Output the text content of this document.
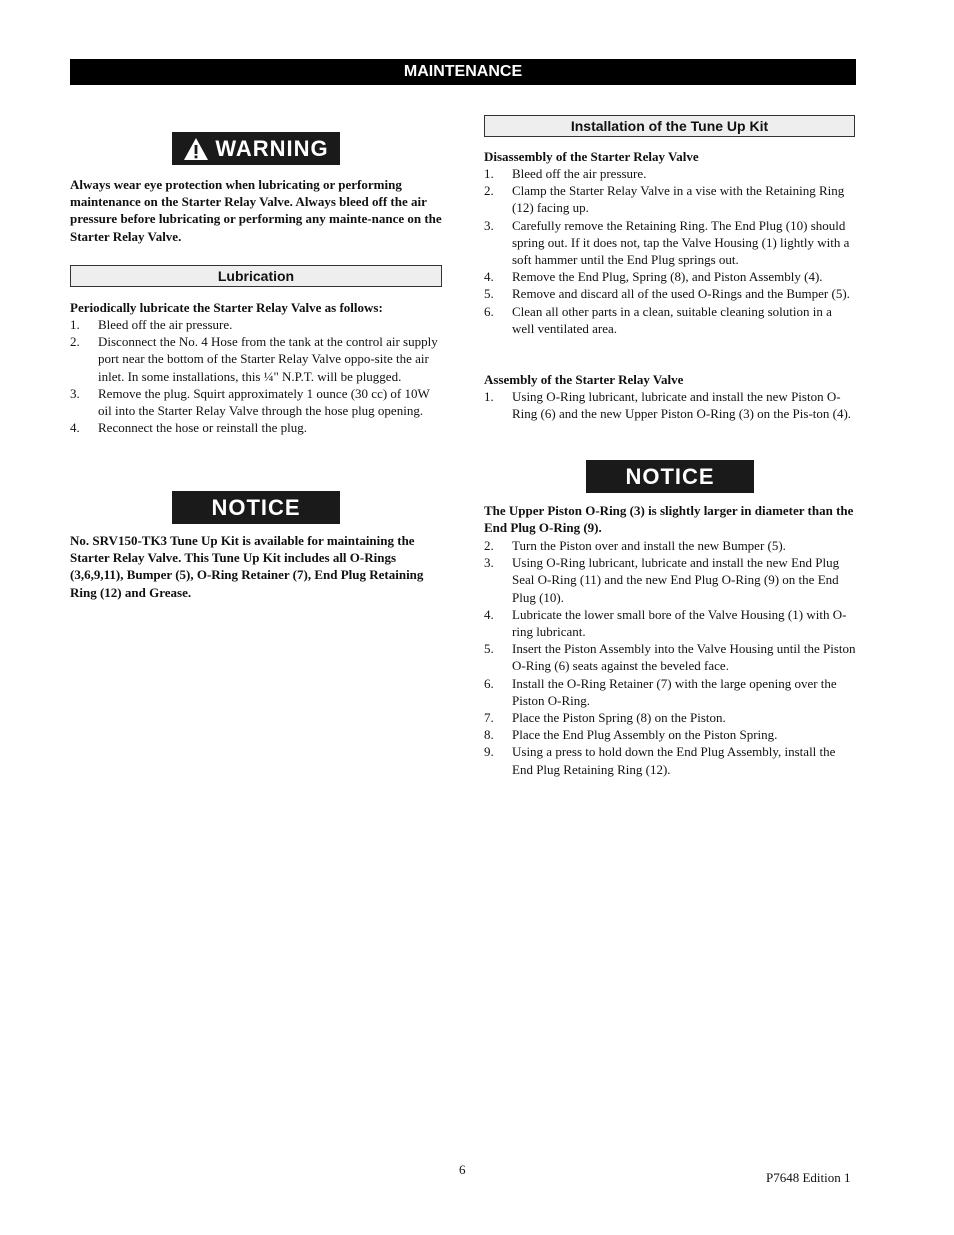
MAINTENANCE
WARNING

Always wear eye protection when lubricating or performing maintenance on the Starter Relay Valve. Always bleed off the air pressure before lubricating or performing any mainte-nance on the Starter Relay Valve.

Lubrication

Periodically lubricate the Starter Relay Valve as follows:

1. Bleed off the air pressure.
2. Disconnect the No. 4 Hose from the tank at the control air supply port near the bottom of the Starter Relay Valve oppo-site the air inlet. In some installations, this ¼" N.P.T. will be plugged.
3. Remove the plug. Squirt approximately 1 ounce (30 cc) of 10W oil into the Starter Relay Valve through the hose plug opening.
4. Reconnect the hose or reinstall the plug.
NOTICE

No. SRV150-TK3 Tune Up Kit is available for maintaining the Starter Relay Valve. This Tune Up Kit includes all O-Rings (3,6,9,11), Bumper (5), O-Ring Retainer (7), End Plug Retaining Ring (12) and Grease.

Installation of the Tune Up Kit

Disassembly of the Starter Relay Valve

1. Bleed off the air pressure.
2. Clamp the Starter Relay Valve in a vise with the Retaining Ring (12) facing up.
3. Carefully remove the Retaining Ring. The End Plug (10) should spring out. If it does not, tap the Valve Housing (1) lightly with a soft hammer until the End Plug springs out.
4. Remove the End Plug, Spring (8), and Piston Assembly (4).
5. Remove and discard all of the used O-Rings and the Bumper (5).
6. Clean all other parts in a clean, suitable cleaning solution in a well ventilated area.

Assembly of the Starter Relay Valve

1. Using O-Ring lubricant, lubricate and install the new Piston O-Ring (6) and the new Upper Piston O-Ring (3) on the Pis-ton (4).
NOTICE

The Upper Piston O-Ring (3) is slightly larger in diameter than the End Plug O-Ring (9).

2. Turn the Piston over and install the new Bumper (5).
3. Using O-Ring lubricant, lubricate and install the new End Plug Seal O-Ring (11) and the new End Plug O-Ring (9) on the End Plug (10).
4. Lubricate the lower small bore of the Valve Housing (1) with O-ring lubricant.
5. Insert the Piston Assembly into the Valve Housing until the Piston O-Ring (6) seats against the beveled face.
6. Install the O-Ring Retainer (7) with the large opening over the Piston O-Ring.
7. Place the Piston Spring (8) on the Piston.
8. Place the End Plug Assembly on the Piston Spring.
9. Using a press to hold down the End Plug Assembly, install the End Plug Retaining Ring (12).
6
P7648 Edition 1
